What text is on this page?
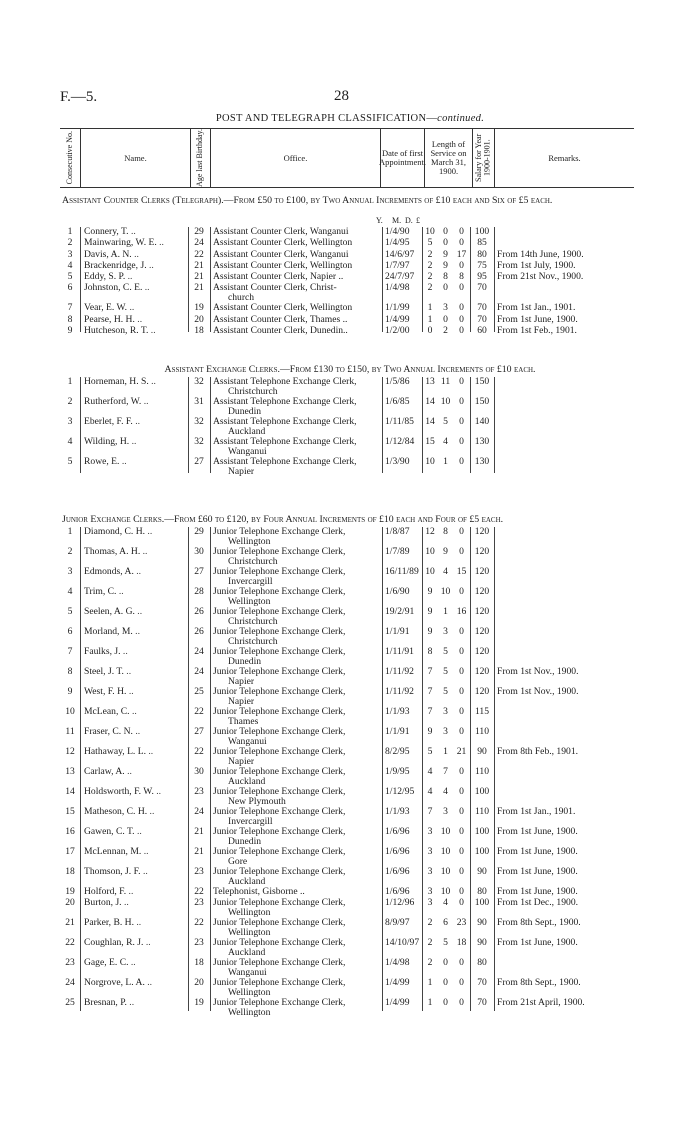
F.—5.	28
POST AND TELEGRAPH CLASSIFICATION—continued.
Consecutive No.	Name.	Age last Birthday.	Office.	Date of first Appointment.
Length of Service on March 31, 1900.	Salary for Year 1900-1901.	Remarks.
Assistant Counter Clerks (Telegraph).—From £50 to £100, by Two Annual Increments of £10 each and Six of £5 each.
Y. M. D. £
1	Connery, T. ..	29	Assistant Counter Clerk, Wanganui	1/4/90	10	0	0	100	
2	Mainwaring, W. E. ..	24	Assistant Counter Clerk, Wellington	1/4/95	5	0	0	85	
3	Davis, A. N. ..	22	Assistant Counter Clerk, Wanganui	14/6/97	2	9	17	80	From 14th June, 1900.
4	Brackenridge, J. ..	21	Assistant Counter Clerk, Wellington	1/7/97	2	9	0	75	From 1st July, 1900.
5	Eddy, S. P. ..	21	Assistant Counter Clerk, Napier ..	24/7/97	2	8	8	95	From 21st Nov., 1900.
6	Johnston, C. E. ..	21	Assistant Counter Clerk, Christ-
church	1/4/98	2	0	0	70	
7	Vear, E. W. ..	19	Assistant Counter Clerk, Wellington	1/1/99	1	3	0	70	From 1st Jan., 1901.
8	Pearse, H. H. ..	20	Assistant Counter Clerk, Thames ..	1/4/99	1	0	0	70	From 1st June, 1900.
9	Hutcheson, R. T. ..	18	Assistant Counter Clerk, Dunedin..	1/2/00	0	2	0	60	From 1st Feb., 1901.
Assistant Exchange Clerks.—From £130 to £150, by Two Annual Increments of £10 each.
1	Horneman, H. S. ..	32	Assistant Telephone Exchange Clerk,
Christchurch	1/5/86	13	11	0	150	
2	Rutherford, W. ..	31	Assistant Telephone Exchange Clerk,
Dunedin	1/6/85	14	10	0	150	
3	Eberlet, F. F. ..	32	Assistant Telephone Exchange Clerk,
Auckland	1/11/85	14	5	0	140	
4	Wilding, H. ..	32	Assistant Telephone Exchange Clerk,
Wanganui	1/12/84	15	4	0	130	
5	Rowe, E. ..	27	Assistant Telephone Exchange Clerk,
Napier	1/3/90	10	1	0	130	
Junior Exchange Clerks.—From £60 to £120, by Four Annual Increments of £10 each and Four of £5 each.
1	Diamond, C. H. ..	29	Junior Telephone Exchange Clerk,
Wellington	1/8/87	12	8	0	120	
2	Thomas, A. H. ..	30	Junior Telephone Exchange Clerk,
Christchurch	1/7/89	10	9	0	120	
3	Edmonds, A. ..	27	Junior Telephone Exchange Clerk,
Invercargill	16/11/89	10	4	15	120	
4	Trim, C. ..	28	Junior Telephone Exchange Clerk,
Wellington	1/6/90	9	10	0	120	
5	Seelen, A. G. ..	26	Junior Telephone Exchange Clerk,
Christchurch	19/2/91	9	1	16	120	
6	Morland, M. ..	26	Junior Telephone Exchange Clerk,
Christchurch	1/1/91	9	3	0	120	
7	Faulks, J. ..	24	Junior Telephone Exchange Clerk,
Dunedin	1/11/91	8	5	0	120	
8	Steel, J. T. ..	24	Junior Telephone Exchange Clerk,
Napier	1/11/92	7	5	0	120	From 1st Nov., 1900.
9	West, F. H. ..	25	Junior Telephone Exchange Clerk,
Napier	1/11/92	7	5	0	120	From 1st Nov., 1900.
10	McLean, C. ..	22	Junior Telephone Exchange Clerk,
Thames	1/1/93	7	3	0	115	
11	Fraser, C. N. ..	27	Junior Telephone Exchange Clerk,
Wanganui	1/1/91	9	3	0	110	
12	Hathaway, L. L. ..	22	Junior Telephone Exchange Clerk,
Napier	8/2/95	5	1	21	90	From 8th Feb., 1901.
13	Carlaw, A. ..	30	Junior Telephone Exchange Clerk,
Auckland	1/9/95	4	7	0	110	
14	Holdsworth, F. W. ..	23	Junior Telephone Exchange Clerk,
New Plymouth	1/12/95	4	4	0	100	
15	Matheson, C. H. ..	24	Junior Telephone Exchange Clerk,
Invercargill	1/1/93	7	3	0	110	From 1st Jan., 1901.
16	Gawen, C. T. ..	21	Junior Telephone Exchange Clerk,
Dunedin	1/6/96	3	10	0	100	From 1st June, 1900.
17	McLennan, M. ..	21	Junior Telephone Exchange Clerk,
Gore	1/6/96	3	10	0	100	From 1st June, 1900.
18	Thomson, J. F. ..	23	Junior Telephone Exchange Clerk,
Auckland	1/6/96	3	10	0	90	From 1st June, 1900.
19	Holford, F. ..	22	Telephonist, Gisborne ..	1/6/96	3	10	0	80	From 1st June, 1900.
20	Burton, J. ..	23	Junior Telephone Exchange Clerk,
Wellington	1/12/96	3	4	0	100	From 1st Dec., 1900.
21	Parker, B. H. ..	22	Junior Telephone Exchange Clerk,
Wellington	8/9/97	2	6	23	90	From 8th Sept., 1900.
22	Coughlan, R. J. ..	23	Junior Telephone Exchange Clerk,
Auckland	14/10/97	2	5	18	90	From 1st June, 1900.
23	Gage, E. C. ..	18	Junior Telephone Exchange Clerk,
Wanganui	1/4/98	2	0	0	80	
24	Norgrove, L. A. ..	20	Junior Telephone Exchange Clerk,
Wellington	1/4/99	1	0	0	70	From 8th Sept., 1900.
25	Bresnan, P. ..	19	Junior Telephone Exchange Clerk,
Wellington	1/4/99	1	0	0	70	From 21st April, 1900.
